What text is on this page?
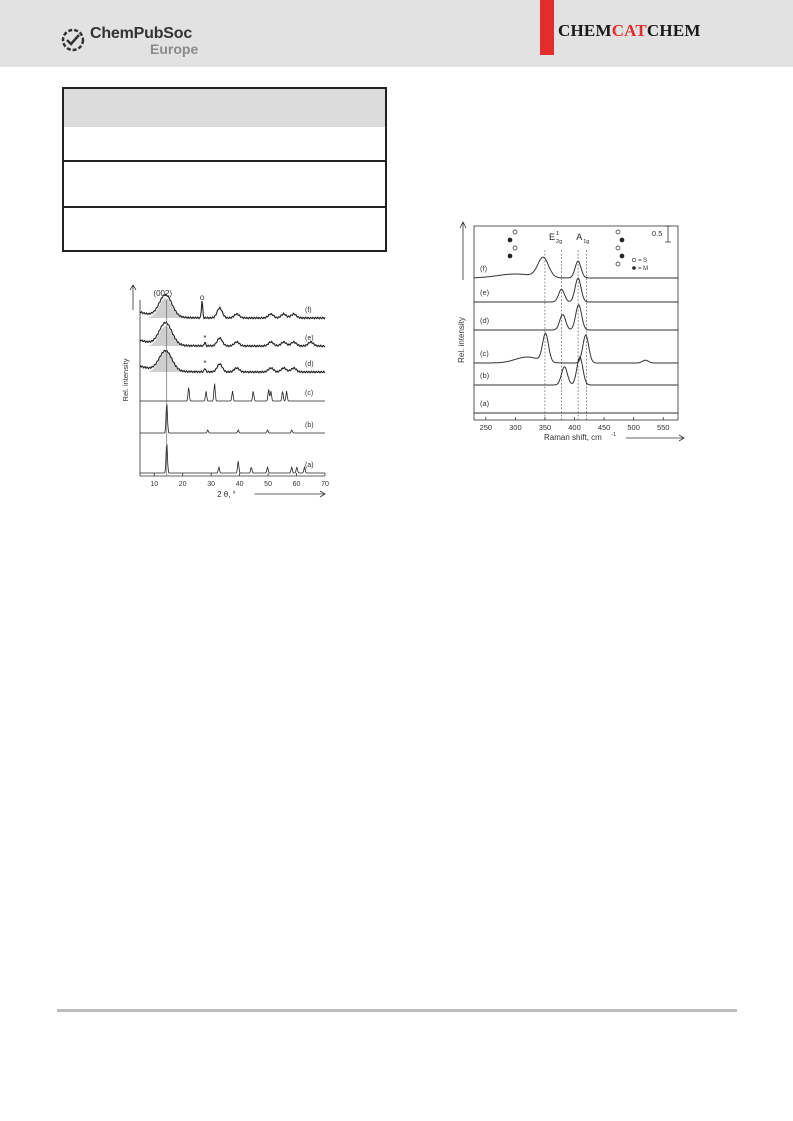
ChemPubSoc
Europe
CHEMCATCHEM
10	20	30	40	50	60	70
2 θ, °
Rel. intensity
(a)
(b)
(c)
(d)
(e)
(f)
(002)	o
*
*
Rel. intensity
250 300 350 400 450 500 550
Raman shift, cm -1
E 1
2g A 1g
0.5
= S
= M
(a)
(b)
(c)
(d)
(e)
(f)
